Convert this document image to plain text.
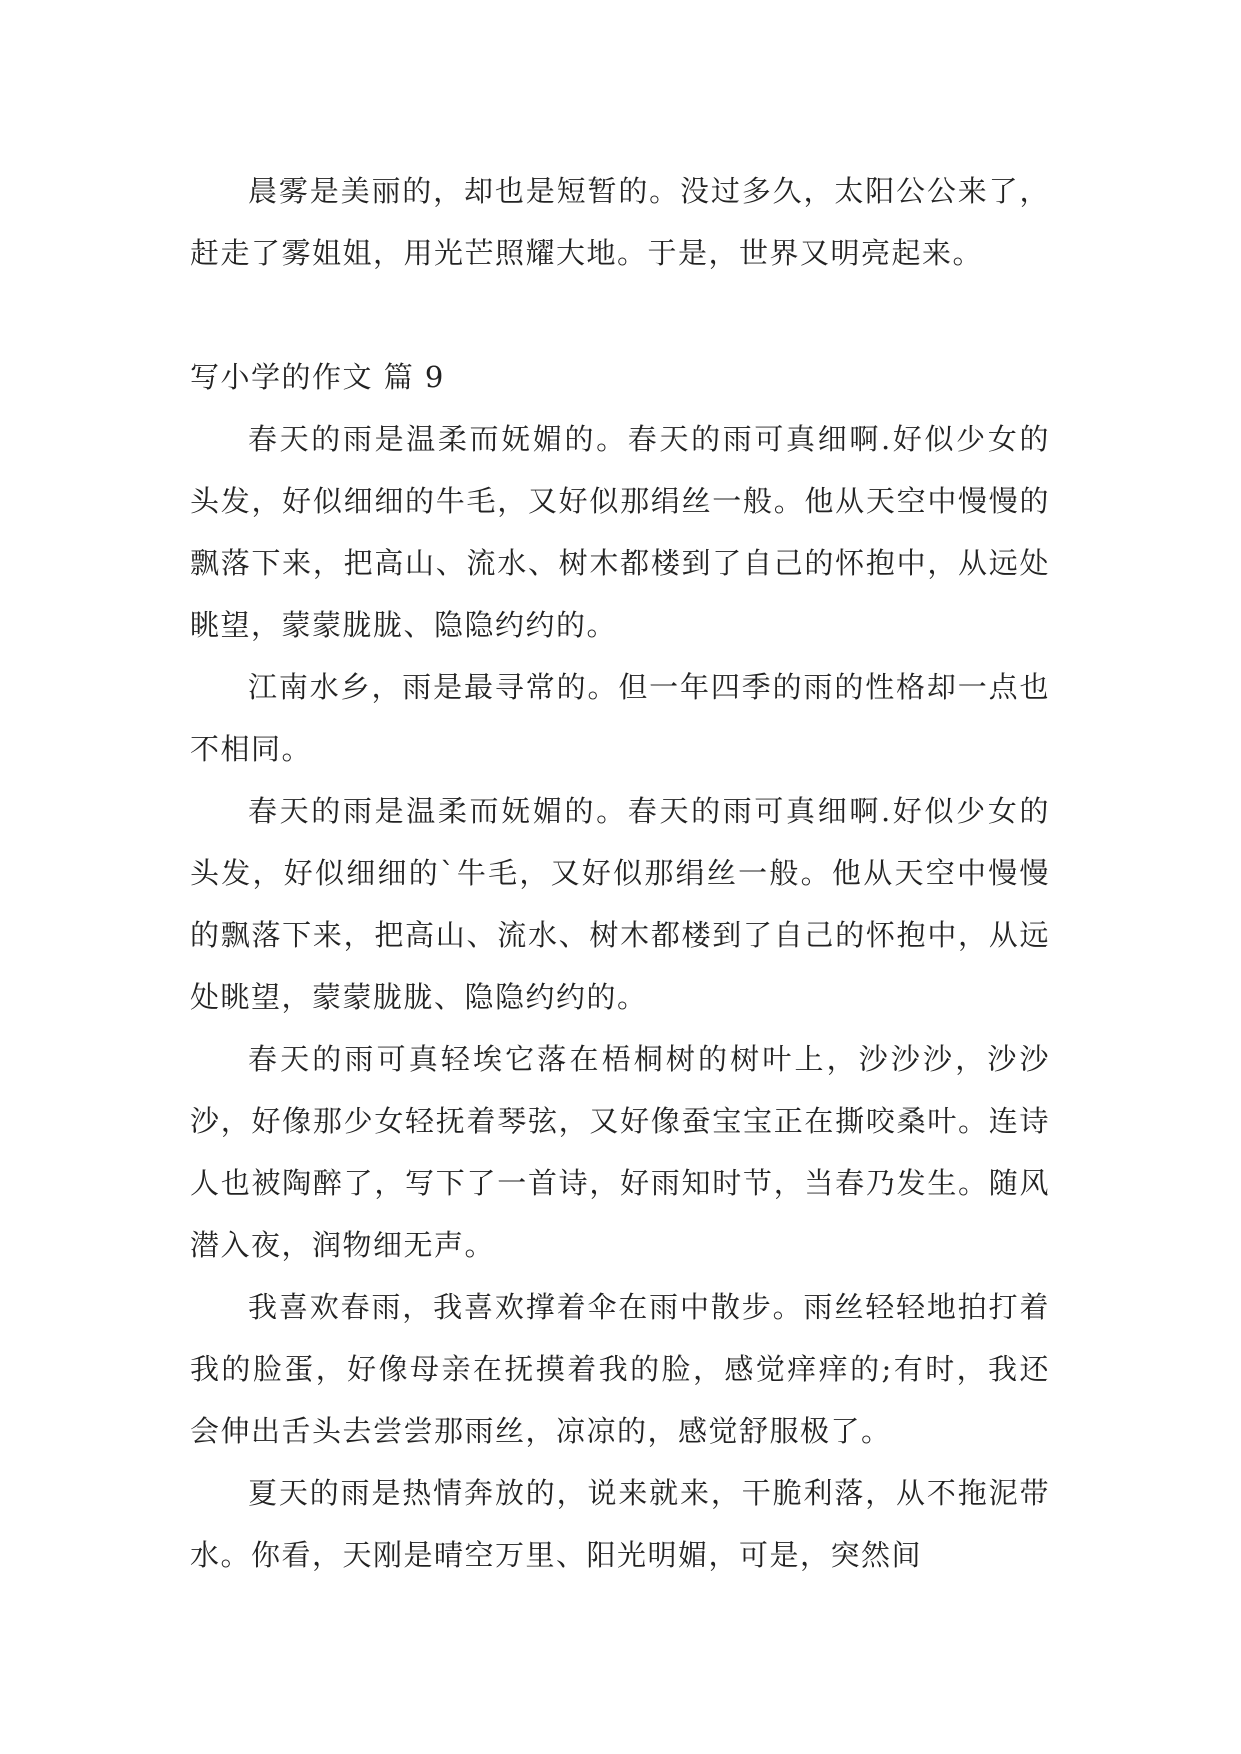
晨雾是美丽的，却也是短暂的。没过多久，太阳公公来了，赶走了雾姐姐，用光芒照耀大地。于是，世界又明亮起来。

写小学的作文 篇 9

春天的雨是温柔而妩媚的。春天的雨可真细啊.好似少女的头发，好似细细的牛毛，又好似那绢丝一般。他从天空中慢慢的飘落下来，把高山、流水、树木都楼到了自己的怀抱中，从远处眺望，蒙蒙胧胧、隐隐约约的。

江南水乡，雨是最寻常的。但一年四季的雨的性格却一点也不相同。

春天的雨是温柔而妩媚的。春天的雨可真细啊.好似少女的头发，好似细细的`牛毛，又好似那绢丝一般。他从天空中慢慢的飘落下来，把高山、流水、树木都楼到了自己的怀抱中，从远处眺望，蒙蒙胧胧、隐隐约约的。

春天的雨可真轻埃它落在梧桐树的树叶上，沙沙沙，沙沙沙，好像那少女轻抚着琴弦，又好像蚕宝宝正在撕咬桑叶。连诗人也被陶醉了，写下了一首诗，好雨知时节，当春乃发生。随风潜入夜，润物细无声。

我喜欢春雨，我喜欢撑着伞在雨中散步。雨丝轻轻地拍打着我的脸蛋，好像母亲在抚摸着我的脸，感觉痒痒的;有时，我还会伸出舌头去尝尝那雨丝，凉凉的，感觉舒服极了。

夏天的雨是热情奔放的，说来就来，干脆利落，从不拖泥带水。你看，天刚是晴空万里、阳光明媚，可是，突然间
